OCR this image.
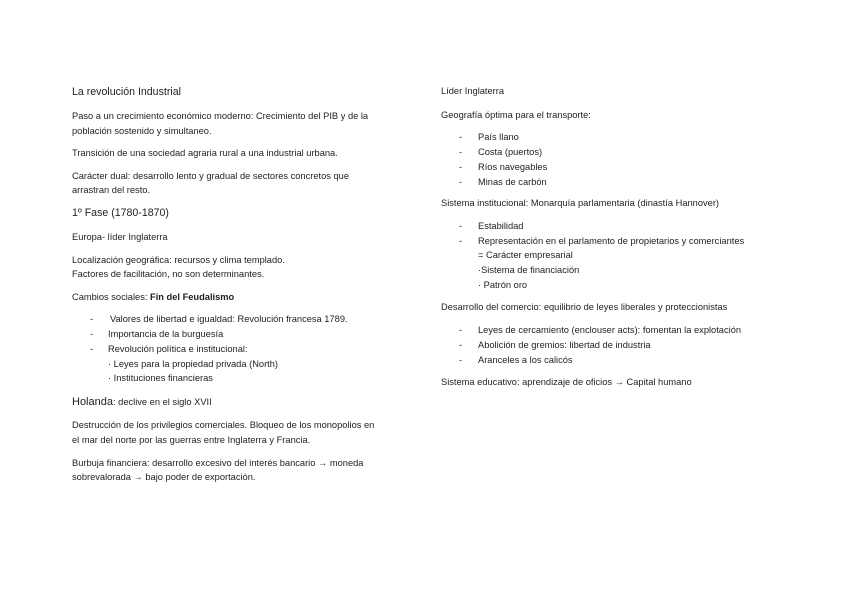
La revolución Industrial

Paso a un crecimiento económico moderno: Crecimiento del PIB y de la

población sostenido y simultaneo.

Transición de una sociedad agraria rural a una industrial urbana.

Carácter dual: desarrollo lento y gradual de sectores concretos que

arrastran del resto.

1º Fase (1780-1870)

Europa- líder Inglaterra

Localización geográfica: recursos y clima templado.

Factores de facilitación, no son determinantes.

Cambios sociales: Fin del Feudalismo

- Valores de libertad e igualdad: Revolución francesa 1789.
- Importancia de la burguesía
- Revolución política e institucional:
· Leyes para la propiedad privada (North)
· Instituciones financieras

Holanda: declive en el siglo XVII

Destrucción de los privilegios comerciales. Bloqueo de los monopolios en

el mar del norte por las guerras entre Inglaterra y Francia.

Burbuja financiera: desarrollo excesivo del interés bancario → moneda

sobrevalorada → bajo poder de exportación.

Líder Inglaterra

Geografía óptima para el transporte:

- País llano
- Costa (puertos)
- Ríos navegables
- Minas de carbón

Sistema institucional: Monarquía parlamentaria (dinastía Hannover)

- Estabilidad
- Representación en el parlamento de propietarios y comerciantes
= Carácter empresarial
·Sistema de financiación
· Patrón oro

Desarrollo del comercio: equilibrio de leyes liberales y proteccionistas

- Leyes de cercamiento (enclouser acts): fomentan la explotación
- Abolición de gremios: libertad de industria
- Aranceles a los calicós

Sistema educativo: aprendizaje de oficios → Capital humano
